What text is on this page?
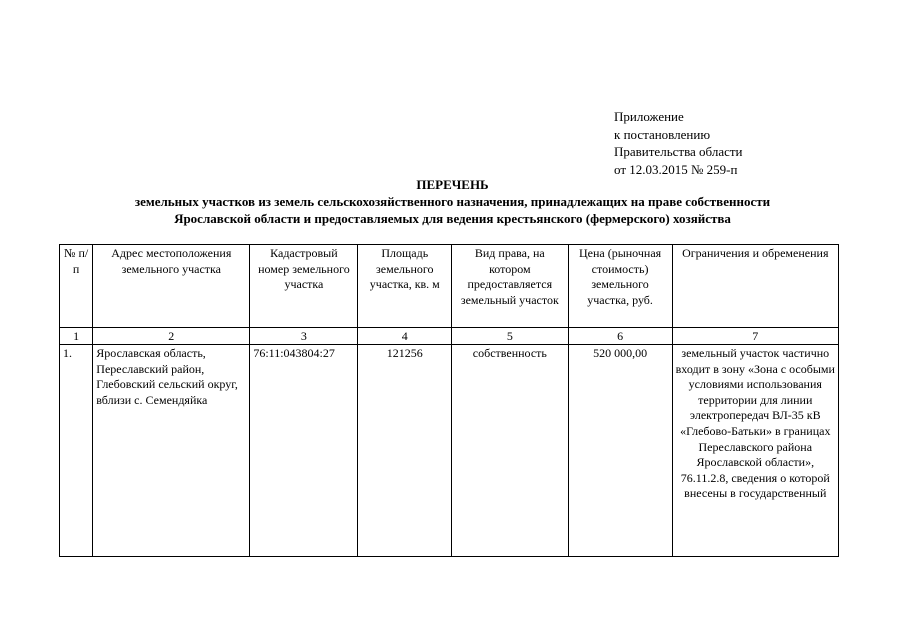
Приложение
к постановлению
Правительства области
от 12.03.2015 № 259-п
ПЕРЕЧЕНЬ
земельных участков из земель сельскохозяйственного назначения, принадлежащих на праве собственности
Ярославской области и предоставляемых для ведения крестьянского (фермерского) хозяйства
№ п/п	Адрес местоположения земельного участка	Кадастровый номер земельного участка	Площадь земельного участка, кв. м	Вид права, на котором предоставляется земельный участок	Цена (рыночная стоимость) земельного участка, руб.	Ограничения и обременения
1	2	3	4	5	6	7
1.	Ярославская область, Переславский район, Глебовский сельский округ, вблизи с. Семендяйка	76:11:043804:27	121256	собственность	520 000,00	земельный участок частично входит в зону «Зона с особыми условиями использования территории для линии электропередач ВЛ-35 кВ «Глебово-Батьки» в границах Переславского района Ярославской области», 76.11.2.8, сведения о которой внесены в государственный
